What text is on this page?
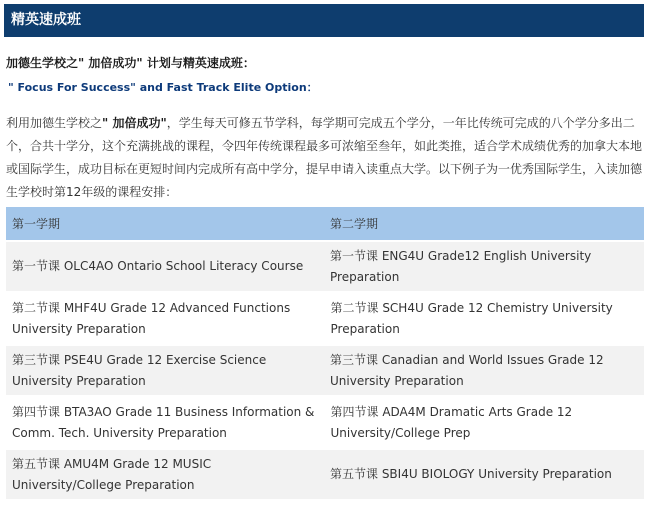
精英速成班
加德生学校之" 加倍成功" 计划与精英速成班：
" Focus For Success" and Fast Track Elite Option：

利用加德生学校之" 加倍成功"，学生每天可修五节学科，每学期可完成五个学分，一年比传统可完成的八个学分多出二个，合共十学分，这个充满挑战的课程，令四年传统课程最多可浓缩至叁年，如此类推，适合学术成绩优秀的加拿大本地或国际学生，成功目标在更短时间内完成所有高中学分，提早申请入读重点大学。以下例子为一优秀国际学生，入读加德生学校时第12年级的课程安排：

第一学期	第二学期
第一节课 OLC4AO Ontario School Literacy Course	第一节课 ENG4U Grade12 English University Preparation
第二节课 MHF4U Grade 12 Advanced Functions University Preparation	第二节课 SCH4U Grade 12 Chemistry University Preparation
第三节课 PSE4U Grade 12 Exercise Science University Preparation	第三节课 Canadian and World Issues Grade 12 University Preparation
第四节课 BTA3AO Grade 11 Business Information & Comm. Tech. University Preparation	第四节课 ADA4M Dramatic Arts Grade 12 University/College Prep
第五节课 AMU4M Grade 12 MUSIC University/College Preparation	第五节课 SBI4U BIOLOGY University Preparation
